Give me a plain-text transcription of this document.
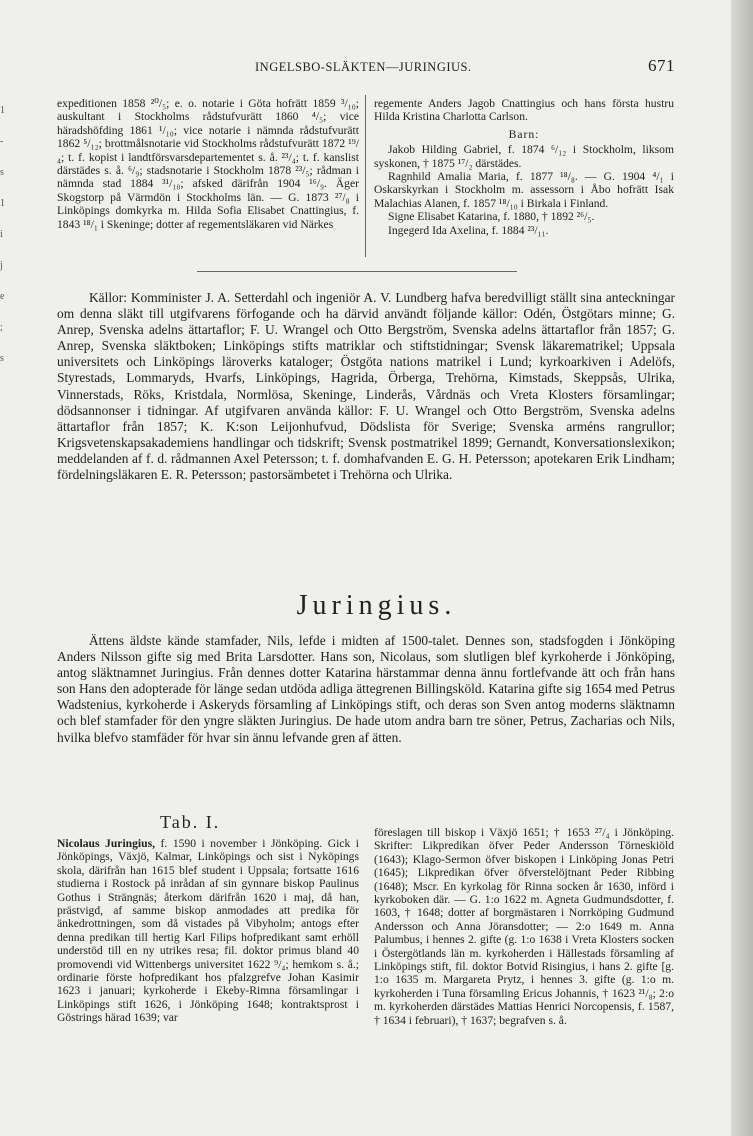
1
-
s
1
i
j
e
;
s
INGELSBO-SLÄKTEN—JURINGIUS.	671

expeditionen 1858 ²⁰/₅; e. o. notarie i Göta hofrätt 1859 ³/₁₀; auskultant i Stockholms rådstufvurätt 1860 ⁴/₅; vice häradshöfding 1861 ¹/₁₀; vice notarie i nämnda rådstufvurätt 1862 ⁵/₁₂; brottmålsnotarie vid Stockholms rådstufvurätt 1872 ¹⁹/₄; t. f. kopist i landtförsvarsdepartementet s. å. ²³/₄; t. f. kanslist därstädes s. å. ⁶/₉; stadsnotarie i Stockholm 1878 ²³/₅; rådman i nämnda stad 1884 ³¹/₁₀; afsked därifrån 1904 ¹⁶/₉. Äger Skogstorp på Värmdön i Stockholms län. — G. 1873 ²⁷/₈ i Linköpings domkyrka m. Hilda Sofia Elisabet Cnattingius, f. 1843 ¹⁸/₁ i Skeninge; dotter af regementsläkaren vid Närkes

regemente Anders Jagob Cnattingius och hans första hustru Hilda Kristina Charlotta Carlson.

Barn:

Jakob Hilding Gabriel, f. 1874 ⁶/₁₂ i Stockholm, liksom syskonen, † 1875 ¹⁷/₂ därstädes.

Ragnhild Amalia Maria, f. 1877 ¹⁸/₈. — G. 1904 ⁴/₁ i Oskarskyrkan i Stockholm m. assessorn i Åbo hofrätt Isak Malachias Alanen, f. 1857 ¹⁸/₁₀ i Birkala i Finland.

Signe Elisabet Katarina, f. 1880, † 1892 ²⁶/₅.

Ingegerd Ida Axelina, f. 1884 ²³/₁₁.

Källor: Komminister J. A. Setterdahl och ingeniör A. V. Lundberg hafva beredvilligt ställt sina anteckningar om denna släkt till utgifvarens förfogande och ha därvid användt följande källor: Odén, Östgötars minne; G. Anrep, Svenska adelns ättartaflor; F. U. Wrangel och Otto Bergström, Svenska adelns ättartaflor från 1857; G. Anrep, Svenska släktboken; Linköpings stifts matriklar och stiftstidningar; Svensk läkarematrikel; Uppsala universitets och Linköpings läroverks kataloger; Östgöta nations matrikel i Lund; kyrkoarkiven i Adelöfs, Styrestads, Lommaryds, Hvarfs, Linköpings, Hagrida, Örberga, Trehörna, Kimstads, Skeppsås, Ulrika, Vinnerstads, Röks, Kristdala, Normlösa, Skeninge, Linderås, Vårdnäs och Vreta Klosters församlingar; dödsannonser i tidningar. Af utgifvaren använda källor: F. U. Wrangel och Otto Bergström, Svenska adelns ättartaflor från 1857; K. K:son Leijonhufvud, Dödslista för Sverige; Svenska arméns rangrullor; Krigsvetenskapsakademiens handlingar och tidskrift; Svensk postmatrikel 1899; Gernandt, Konversationslexikon; meddelanden af f. d. rådmannen Axel Petersson; t. f. domhafvanden E. G. H. Petersson; apotekaren Erik Lindham; fördelningsläkaren E. R. Petersson; pastorsämbetet i Trehörna och Ulrika.

Juringius.

Ättens äldste kände stamfader, Nils, lefde i midten af 1500-talet. Dennes son, stadsfogden i Jönköping Anders Nilsson gifte sig med Brita Larsdotter. Hans son, Nicolaus, som slutligen blef kyrkoherde i Jönköping, antog släktnamnet Juringius. Från dennes dotter Katarina härstammar denna ännu fortlefvande ätt och från hans son Hans den adopterade för länge sedan utdöda adliga ättegrenen Billingsköld. Katarina gifte sig 1654 med Petrus Wadstenius, kyrkoherde i Askeryds församling af Linköpings stift, och deras son Sven antog moderns släktnamn och blef stamfader för den yngre släkten Juringius. De hade utom andra barn tre söner, Petrus, Zacharias och Nils, hvilka blefvo stamfäder för hvar sin ännu lefvande gren af ätten.

Tab. I.

Nicolaus Juringius, f. 1590 i november i Jönköping. Gick i Jönköpings, Växjö, Kalmar, Linköpings och sist i Nyköpings skola, därifrån han 1615 blef student i Uppsala; fortsatte 1616 studierna i Rostock på inrådan af sin gynnare biskop Paulinus Gothus i Strängnäs; återkom därifrån 1620 i maj, då han, prästvigd, af samme biskop anmodades att predika för änkedrottningen, som då vistades på Vibyholm; antogs efter denna predikan till hertig Karl Filips hofpredikant samt erhöll understöd till en ny utrikes resa; fil. doktor primus bland 40 promovendi vid Wittenbergs universitet 1622 ⁹/₄; hemkom s. å.; ordinarie förste hofpredikant hos pfalzgrefve Johan Kasimir 1623 i januari; kyrkoherde i Ekeby-Rimna församlingar i Linköpings stift 1626, i Jönköping 1648; kontraktsprost i Göstrings härad 1639; var

föreslagen till biskop i Växjö 1651; † 1653 ²⁷/₄ i Jönköping. Skrifter: Likpredikan öfver Peder Andersson Törneskiöld (1643); Klago-Sermon öfver biskopen i Linköping Jonas Petri (1645); Likpredikan öfver öfverstelöjtnant Peder Ribbing (1648); Mscr. En kyrkolag för Rinna socken år 1630, införd i kyrkoboken där. — G. 1:o 1622 m. Agneta Gudmundsdotter, f. 1603, † 1648; dotter af borgmästaren i Norrköping Gudmund Andersson och Anna Jöransdotter; — 2:o 1649 m. Anna Palumbus, i hennes 2. gifte (g. 1:o 1638 i Vreta Klosters socken i Östergötlands län m. kyrkoherden i Hällestads församling af Linköpings stift, fil. doktor Botvid Risingius, i hans 2. gifte [g. 1:o 1635 m. Margareta Prytz, i hennes 3. gifte (g. 1:o m. kyrkoherden i Tuna församling Ericus Johannis, † 1623 ²¹/₈; 2:o m. kyrkoherden därstädes Mattias Henrici Norcopensis, f. 1587, † 1634 i februari), † 1637; begrafven s. å.
